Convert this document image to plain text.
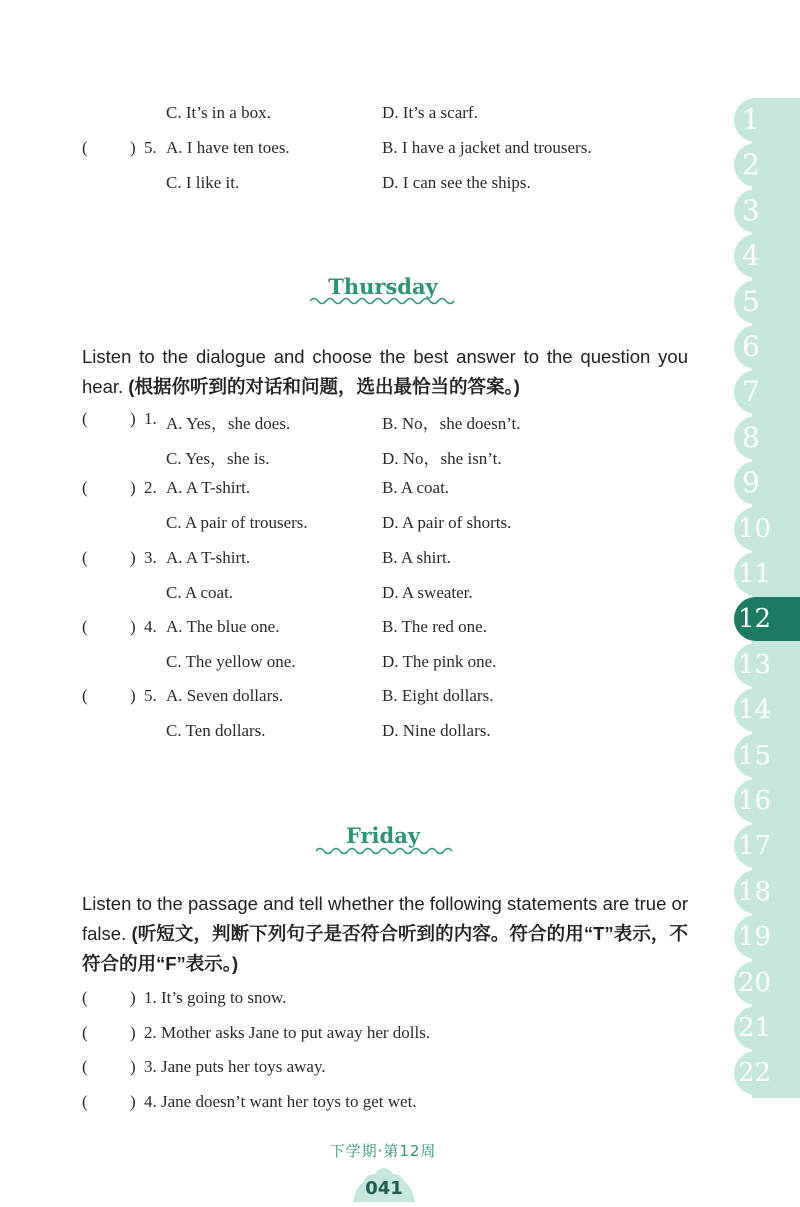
C. It’s in a box.	D. It’s a scarf.
( ) 5. A. I have ten toes.	B. I have a jacket and trousers.
C. I like it.	D. I can see the ships.
Thursday
Listen to the dialogue and choose the best answer to the question you hear. (根据你听到的对话和问题，选出最恰当的答案。)
( ) 1. A. Yes，she does.	B. No，she doesn’t.
C. Yes，she is.	D. No，she isn’t.
( ) 2. A. A T-shirt.	B. A coat.
C. A pair of trousers.	D. A pair of shorts.
( ) 3. A. A T-shirt.	B. A shirt.
C. A coat.	D. A sweater.
( ) 4. A. The blue one.	B. The red one.
C. The yellow one.	D. The pink one.
( ) 5. A. Seven dollars.	B. Eight dollars.
C. Ten dollars.	D. Nine dollars.
Friday
Listen to the passage and tell whether the following statements are true or false. (听短文，判断下列句子是否符合听到的内容。符合的用“T”表示，不符合的用“F”表示。)
( ) 1. It’s going to snow.
( ) 2. Mother asks Jane to put away her dolls.
( ) 3. Jane puts her toys away.
( ) 4. Jane doesn’t want her toys to get wet.
1
2
3
4
5
6
7
8
9
10
11
12
13
14
15
16
17
18
19
20
21
22
下学期·第12周
041
